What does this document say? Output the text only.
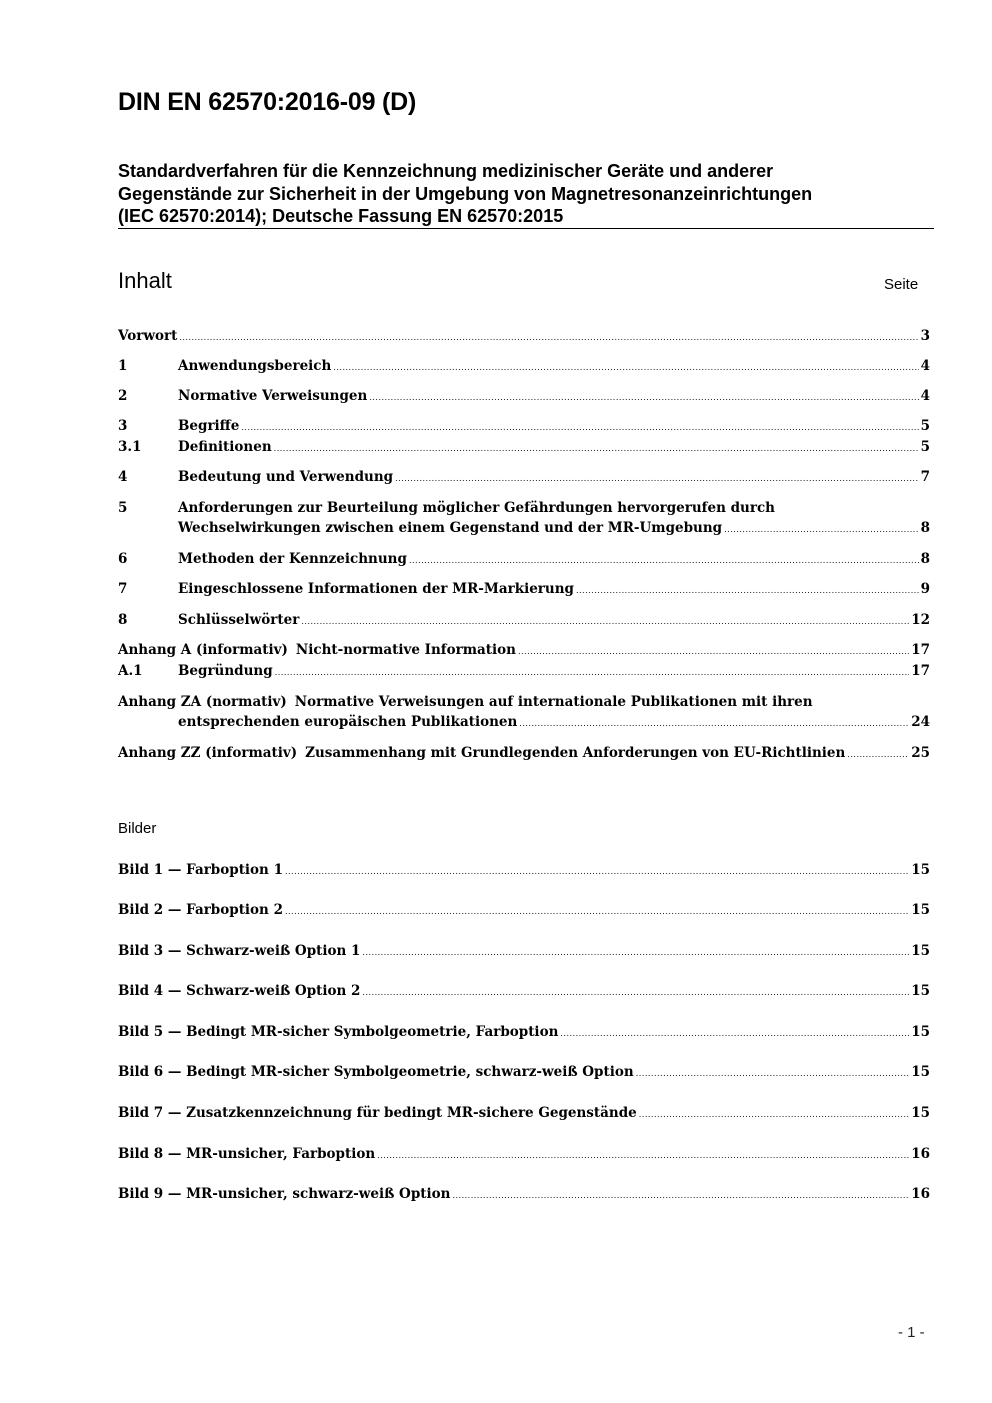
DIN EN 62570:2016-09 (D)
Standardverfahren für die Kennzeichnung medizinischer Geräte und anderer
Gegenstände zur Sicherheit in der Umgebung von Magnetresonanzeinrichtungen
(IEC 62570:2014); Deutsche Fassung EN 62570:2015
Inhalt	Seite
Vorwort .....	3
1	Anwendungsbereich .....	4
2	Normative Verweisungen .....	4
3	Begriffe .....	5
3.1	Definitionen .....	5
4	Bedeutung und Verwendung .....	7
5	Anforderungen zur Beurteilung möglicher Gefährdungen hervorgerufen durch
Wechselwirkungen zwischen einem Gegenstand und der MR-Umgebung .....	8
6	Methoden der Kennzeichnung .....	8
7	Eingeschlossene Informationen der MR-Markierung .....	9
8	Schlüsselwörter .....	12
Anhang A (informativ) Nicht-normative Information .....	17
A.1	Begründung .....	17
Anhang ZA (normativ) Normative Verweisungen auf internationale Publikationen mit ihren
entsprechenden europäischen Publikationen .....	24
Anhang ZZ (informativ) Zusammenhang mit Grundlegenden Anforderungen von EU-Richtlinien .....	25
Bilder
Bild 1 — Farboption 1 .....	15
Bild 2 — Farboption 2 .....	15
Bild 3 — Schwarz-weiß Option 1 .....	15
Bild 4 — Schwarz-weiß Option 2 .....	15
Bild 5 — Bedingt MR-sicher Symbolgeometrie, Farboption .....	15
Bild 6 — Bedingt MR-sicher Symbolgeometrie, schwarz-weiß Option .....	15
Bild 7 — Zusatzkennzeichnung für bedingt MR-sichere Gegenstände .....	15
Bild 8 — MR-unsicher, Farboption .....	16
Bild 9 — MR-unsicher, schwarz-weiß Option .....	16
- 1 -
